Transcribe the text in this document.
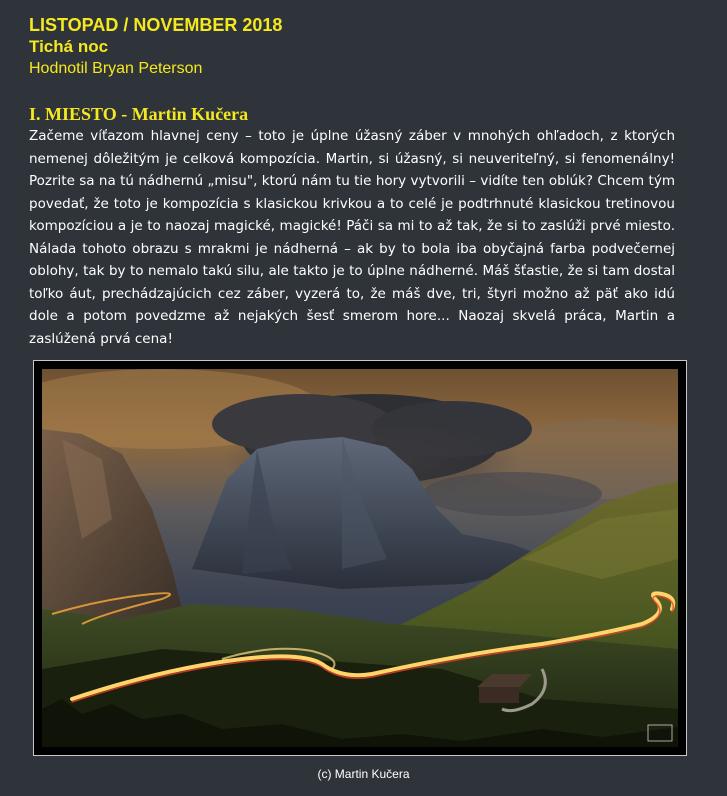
LISTOPAD / NOVEMBER 2018
Tichá noc
Hodnotil Bryan Peterson
I. MIESTO - Martin Kučera

Začeme víťazom hlavnej ceny – toto je úplne úžasný záber v mnohých ohľadoch, z ktorých nemenej dôležitým je celková kompozícia. Martin, si úžasný, si neuveriteľný, si fenomenálny! Pozrite sa na tú nádhernú „misu", ktorú nám tu tie hory vytvorili – vidíte ten oblúk? Chcem tým povedať, že toto je kompozícia s klasickou krivkou a to celé je podtrhnuté klasickou tretinovou kompozíciou a je to naozaj magické, magické! Páči sa mi to až tak, že si to zaslúži prvé miesto. Nálada tohoto obrazu s mrakmi je nádherná – ak by to bola iba obyčajná farba podvečernej oblohy, tak by to nemalo takú silu, ale takto je to úplne nádherné. Máš šťastie, že si tam dostal toľko áut, prechádzajúcich cez záber, vyzerá to, že máš dve, tri, štyri možno až päť ako idú dole a potom povedzme až nejakých šesť smerom hore... Naozaj skvelá práca, Martin a zaslúžená prvá cena!

(c) Martin Kučera
